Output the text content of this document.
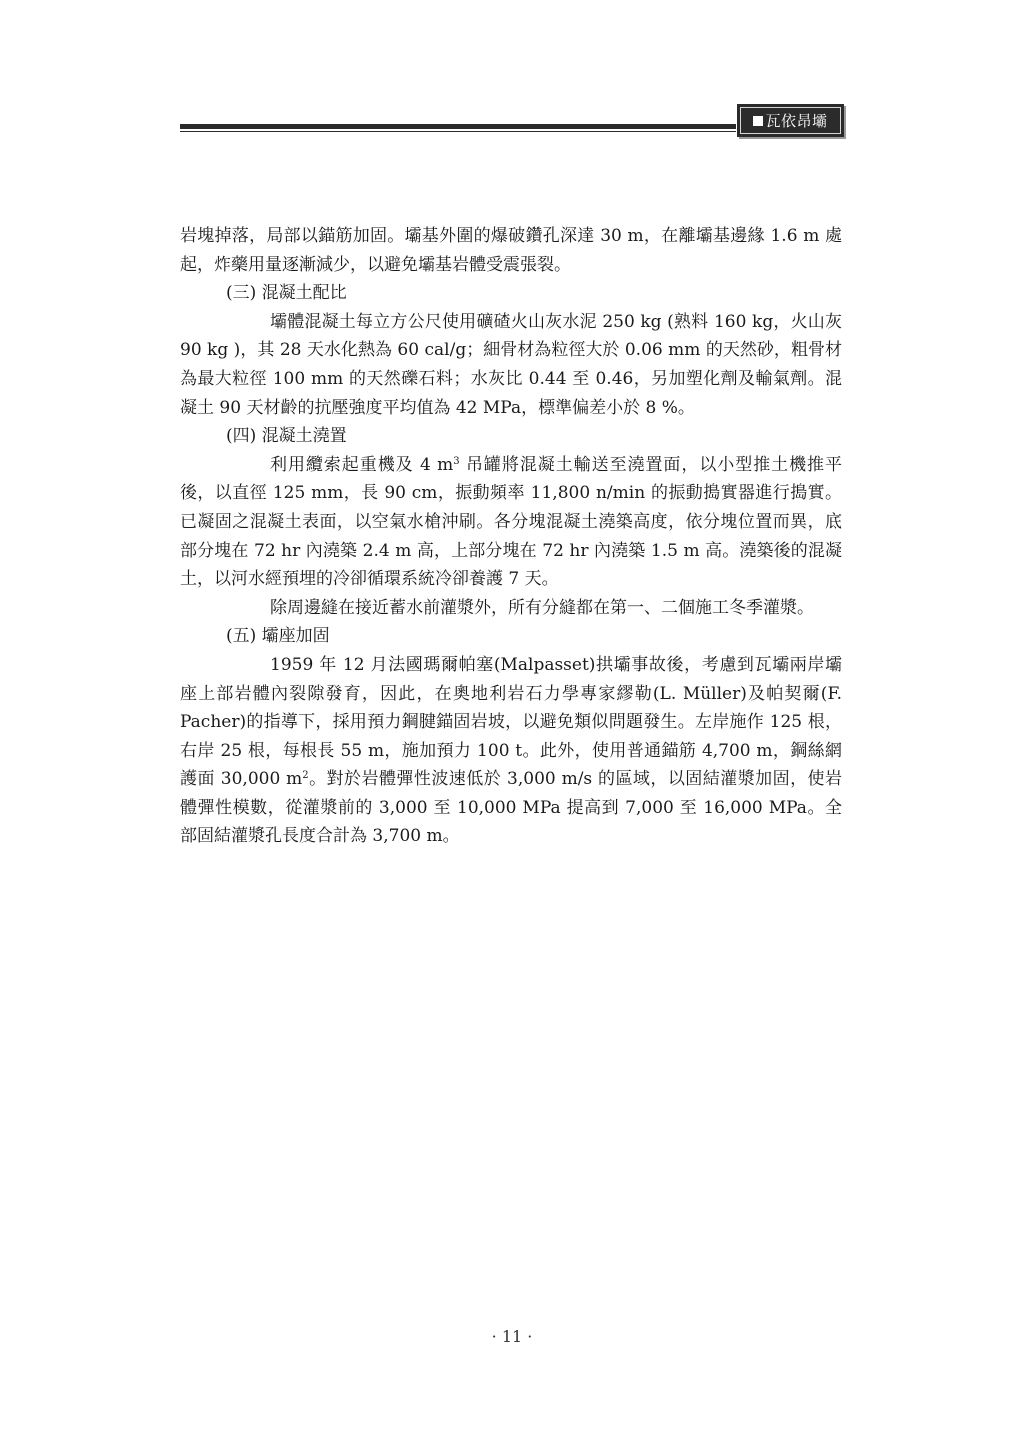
瓦依昂壩

岩塊掉落，局部以錨筋加固。壩基外圍的爆破鑽孔深達 30 m，在離壩基邊緣 1.6 m 處起，炸藥用量逐漸減少，以避免壩基岩體受震張裂。

(三) 混凝土配比

壩體混凝土每立方公尺使用礦碴火山灰水泥 250 kg (熟料 160 kg，火山灰 90 kg )，其 28 天水化熱為 60 cal/g；細骨材為粒徑大於 0.06 mm 的天然砂，粗骨材為最大粒徑 100 mm 的天然礫石料；水灰比 0.44 至 0.46，另加塑化劑及輸氣劑。混凝土 90 天材齡的抗壓強度平均值為 42 MPa，標準偏差小於 8 %。

(四) 混凝土澆置

利用纜索起重機及 4 $m^3$ 吊罐將混凝土輸送至澆置面，以小型推土機推平後，以直徑 125 mm，長 90 cm，振動頻率 11,800 n/min 的振動搗實器進行搗實。已凝固之混凝土表面，以空氣水槍沖刷。各分塊混凝土澆築高度，依分塊位置而異，底部分塊在 72 hr 內澆築 2.4 m 高，上部分塊在 72 hr 內澆築 1.5 m 高。澆築後的混凝土，以河水經預埋的冷卻循環系統冷卻養護 7 天。

除周邊縫在接近蓄水前灌漿外，所有分縫都在第一、二個施工冬季灌漿。

(五) 壩座加固

1959 年 12 月法國瑪爾帕塞(Malpasset)拱壩事故後，考慮到瓦壩兩岸壩座上部岩體內裂隙發育，因此，在奧地利岩石力學專家繆勒(L. Müller)及帕契爾(F. Pacher)的指導下，採用預力鋼腱錨固岩坡，以避免類似問題發生。左岸施作 125 根，右岸 25 根，每根長 55 m，施加預力 100 t。此外，使用普通錨筋 4,700 m，鋼絲網護面 30,000 $m^2$。對於岩體彈性波速低於 3,000 m/s 的區域，以固結灌漿加固，使岩體彈性模數，從灌漿前的 3,000 至 10,000 MPa 提高到 7,000 至 16,000 MPa。全部固結灌漿孔長度合計為 3,700 m。

· 11 ·
